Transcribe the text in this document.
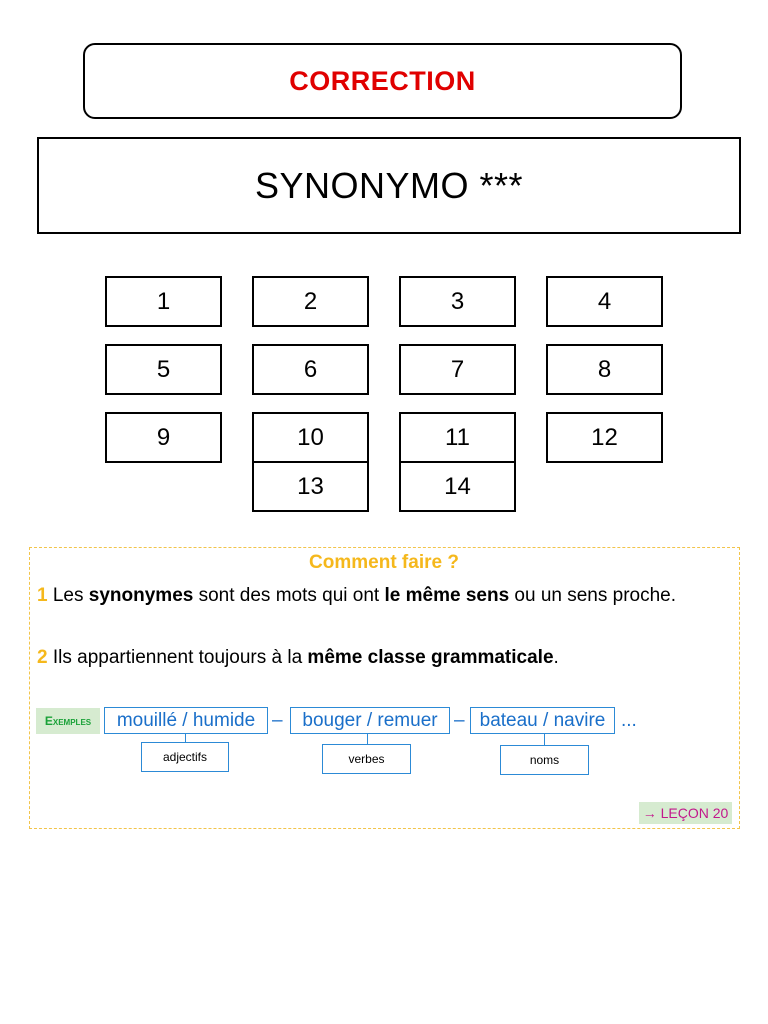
CORRECTION
SYNONYMO ***
1	2	3	4
5	6	7	8
9	10	11	12
13	14
Comment faire ?
1 Les synonymes sont des mots qui ont le même sens ou un sens proche.
2 Ils appartiennent toujours à la même classe grammaticale.
Exemples	mouillé / humide –	bouger / remuer – bateau / navire ...
adjectifs	verbes	noms
→ LEÇON 20
